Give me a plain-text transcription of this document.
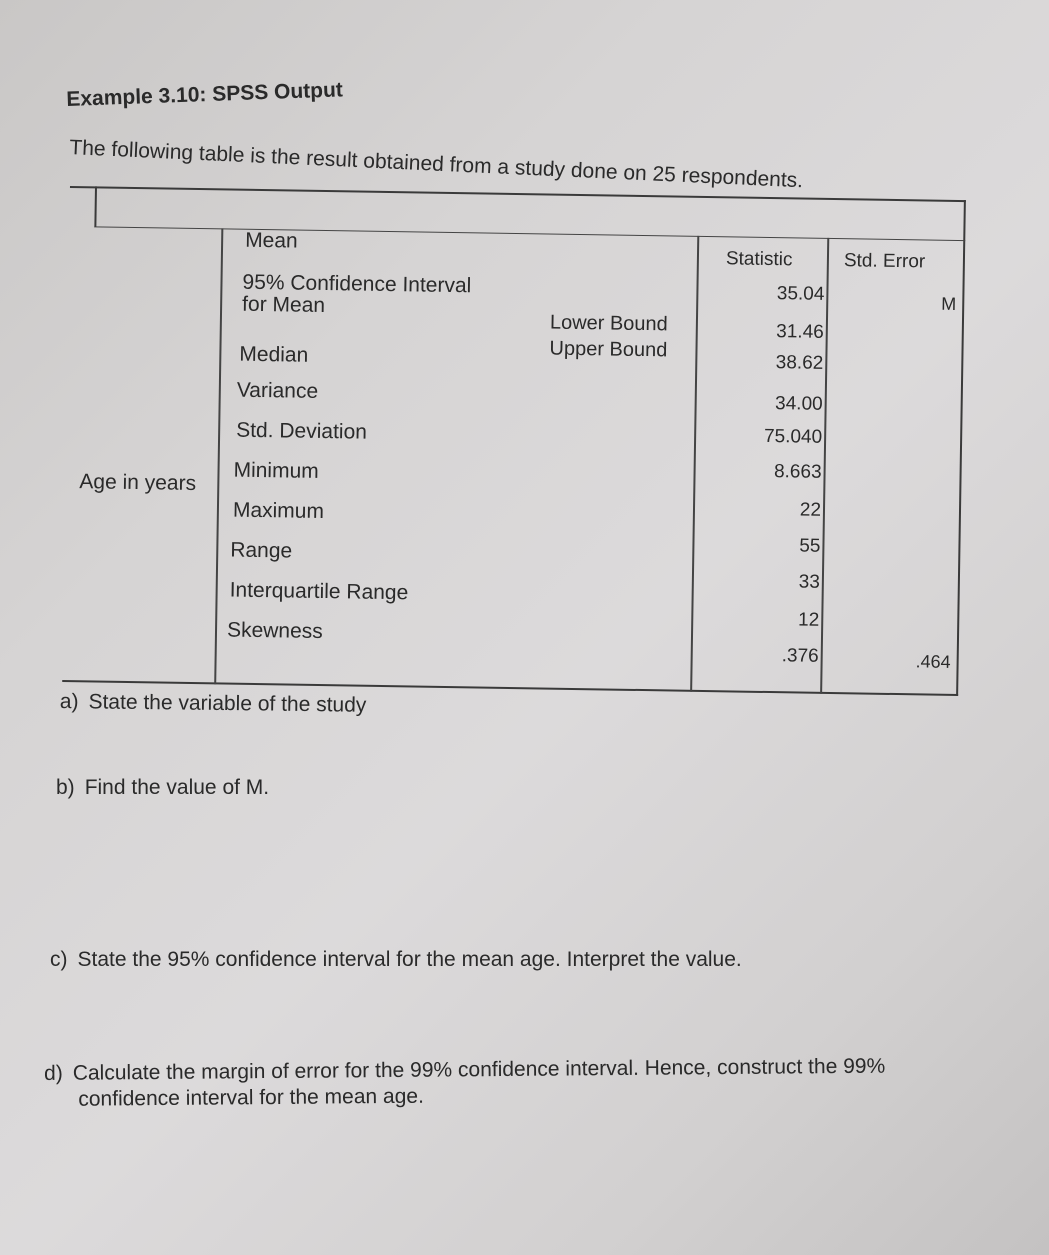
Example 3.10: SPSS Output
The following table is the result obtained from a study done on 25 respondents.
Statistic	Std. Error
Age in years
Mean
95% Confidence Interval
for Mean
Lower Bound
Upper Bound
Median
Variance
Std. Deviation
Minimum
Maximum
Range
Interquartile Range
Skewness
35.04
31.46
38.62
34.00
75.040
8.663
22
55
33
12
.376
M
.464
a) State the variable of the study
b) Find the value of M.
c) State the 95% confidence interval for the mean age. Interpret the value.
d) Calculate the margin of error for the 99% confidence interval. Hence, construct the 99%
confidence interval for the mean age.
